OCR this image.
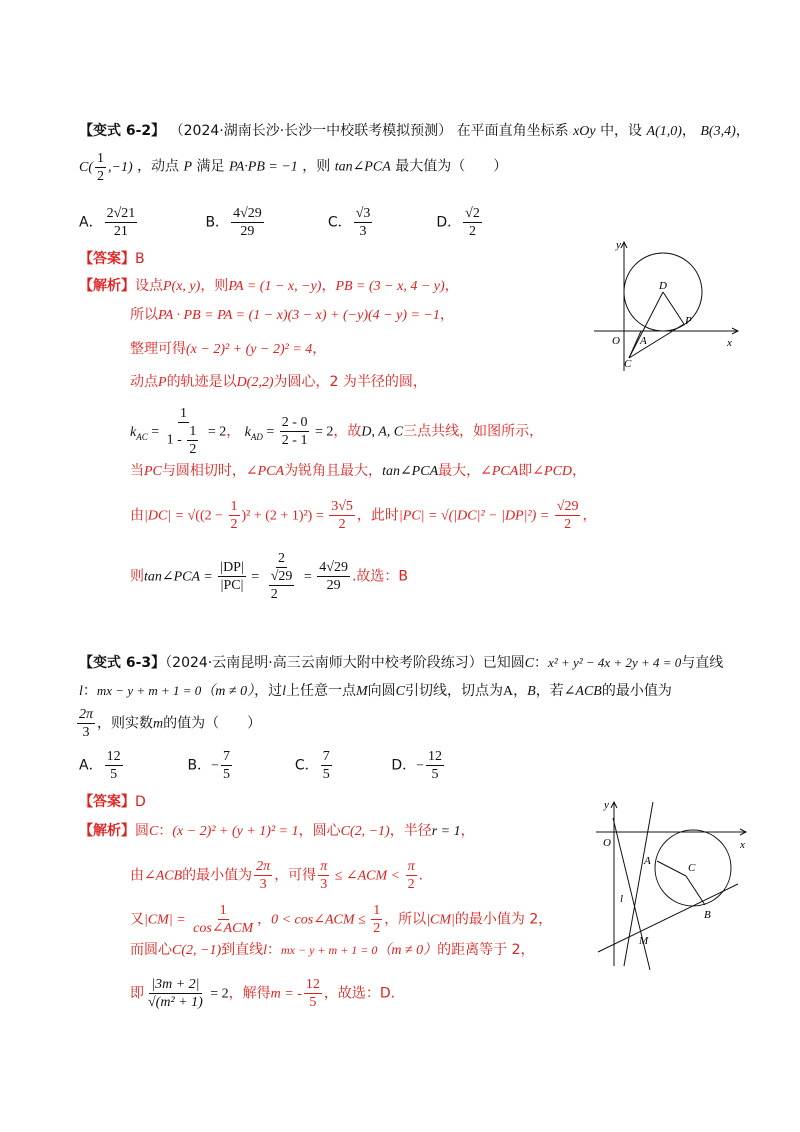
【变式 6-2】 （2024·湖南长沙·长沙一中校联考模拟预测） 在平面直角坐标系 xOy 中，设 A(1,0)， B(3,4)，
$C( \frac{1}{2} ,-1)$ ，动点 P 满足 PA·PB = −1 ，则 tan∠PCA 最大值为（　　）
A． $\frac{2√21}{21}$	B． $\frac{4√29}{29}$	C． $\frac{√3}{3}$	D． $\frac{√2}{2}$
【答案】B
【解析】设点P(x, y)，则PA = (1 − x, −y)，PB = (3 − x, 4 − y)，
所以PA · PB = PA = (1 − x)(3 − x) + (−y)(4 − y) = −1，
整理可得(x − 2)² + (y − 2)² = 4，
动点P的轨迹是以D(2,2)为圆心，2 为半径的圆，
$k_{AC} = \frac{1}{1 - \frac{1}{2}} = 2$， $k_{AD} = \frac{2 - 0}{2 - 1} = 2$，故D, A, C三点共线，如图所示，
当PC与圆相切时，∠PCA为锐角且最大，tan∠PCA最大，∠PCA即∠PCD，
由$|DC| = √((2 - \frac{1}{2} )^2 + (2 + 1)^2) = \frac{3√5}{2}$ ，此时$|PC| = √(|DC|^2 - |DP|^2) = \frac{√29}{2}$ ，
则tan∠PCA = $\frac{|DP|}{|PC|} = \frac{2}{\frac{√29}{2}} = \frac{4√29}{29}$ .故选：B
y
x
O
D
P
A
C
【变式 6-3】（2024·云南昆明·高三云南师大附中校考阶段练习）已知圆C：x² + y² − 4x + 2y + 4 = 0与直线
l：mx − y + m + 1 = 0（m ≠ 0），过l上任意一点M向圆C引切线，切点为A，B，若∠ACB的最小值为
$\frac{2\pi}{3}$ ，则实数m的值为（　　）
A． $\frac{12}{5}$	B．− $\frac{7}{5}$	C． $\frac{7}{5}$	D．− $\frac{12}{5}$
【答案】D
【解析】圆C：(x − 2)² + (y + 1)² = 1，圆心C(2, −1)，半径r = 1，
由∠ACB的最小值为 $\frac{2\pi}{3}$ ，可得 $\frac{\pi}{3}$ ≤ ∠ACM < $\frac{\pi}{2}$ .
又$|CM| = \frac{1}{\text{cos∠ACM}}$ ，0 < cos∠ACM ≤ $\frac{1}{2}$ ，所以|CM|的最小值为 2，
而圆心C(2, −1)到直线l：mx − y + m + 1 = 0（m ≠ 0）的距离等于 2，
即 $\frac{|3m + 2|}{\text{√(m² + 1)}} = 2$，解得m = - $\frac{12}{5}$ ，故选：D.
y
x
O
A
C
B
l
M
